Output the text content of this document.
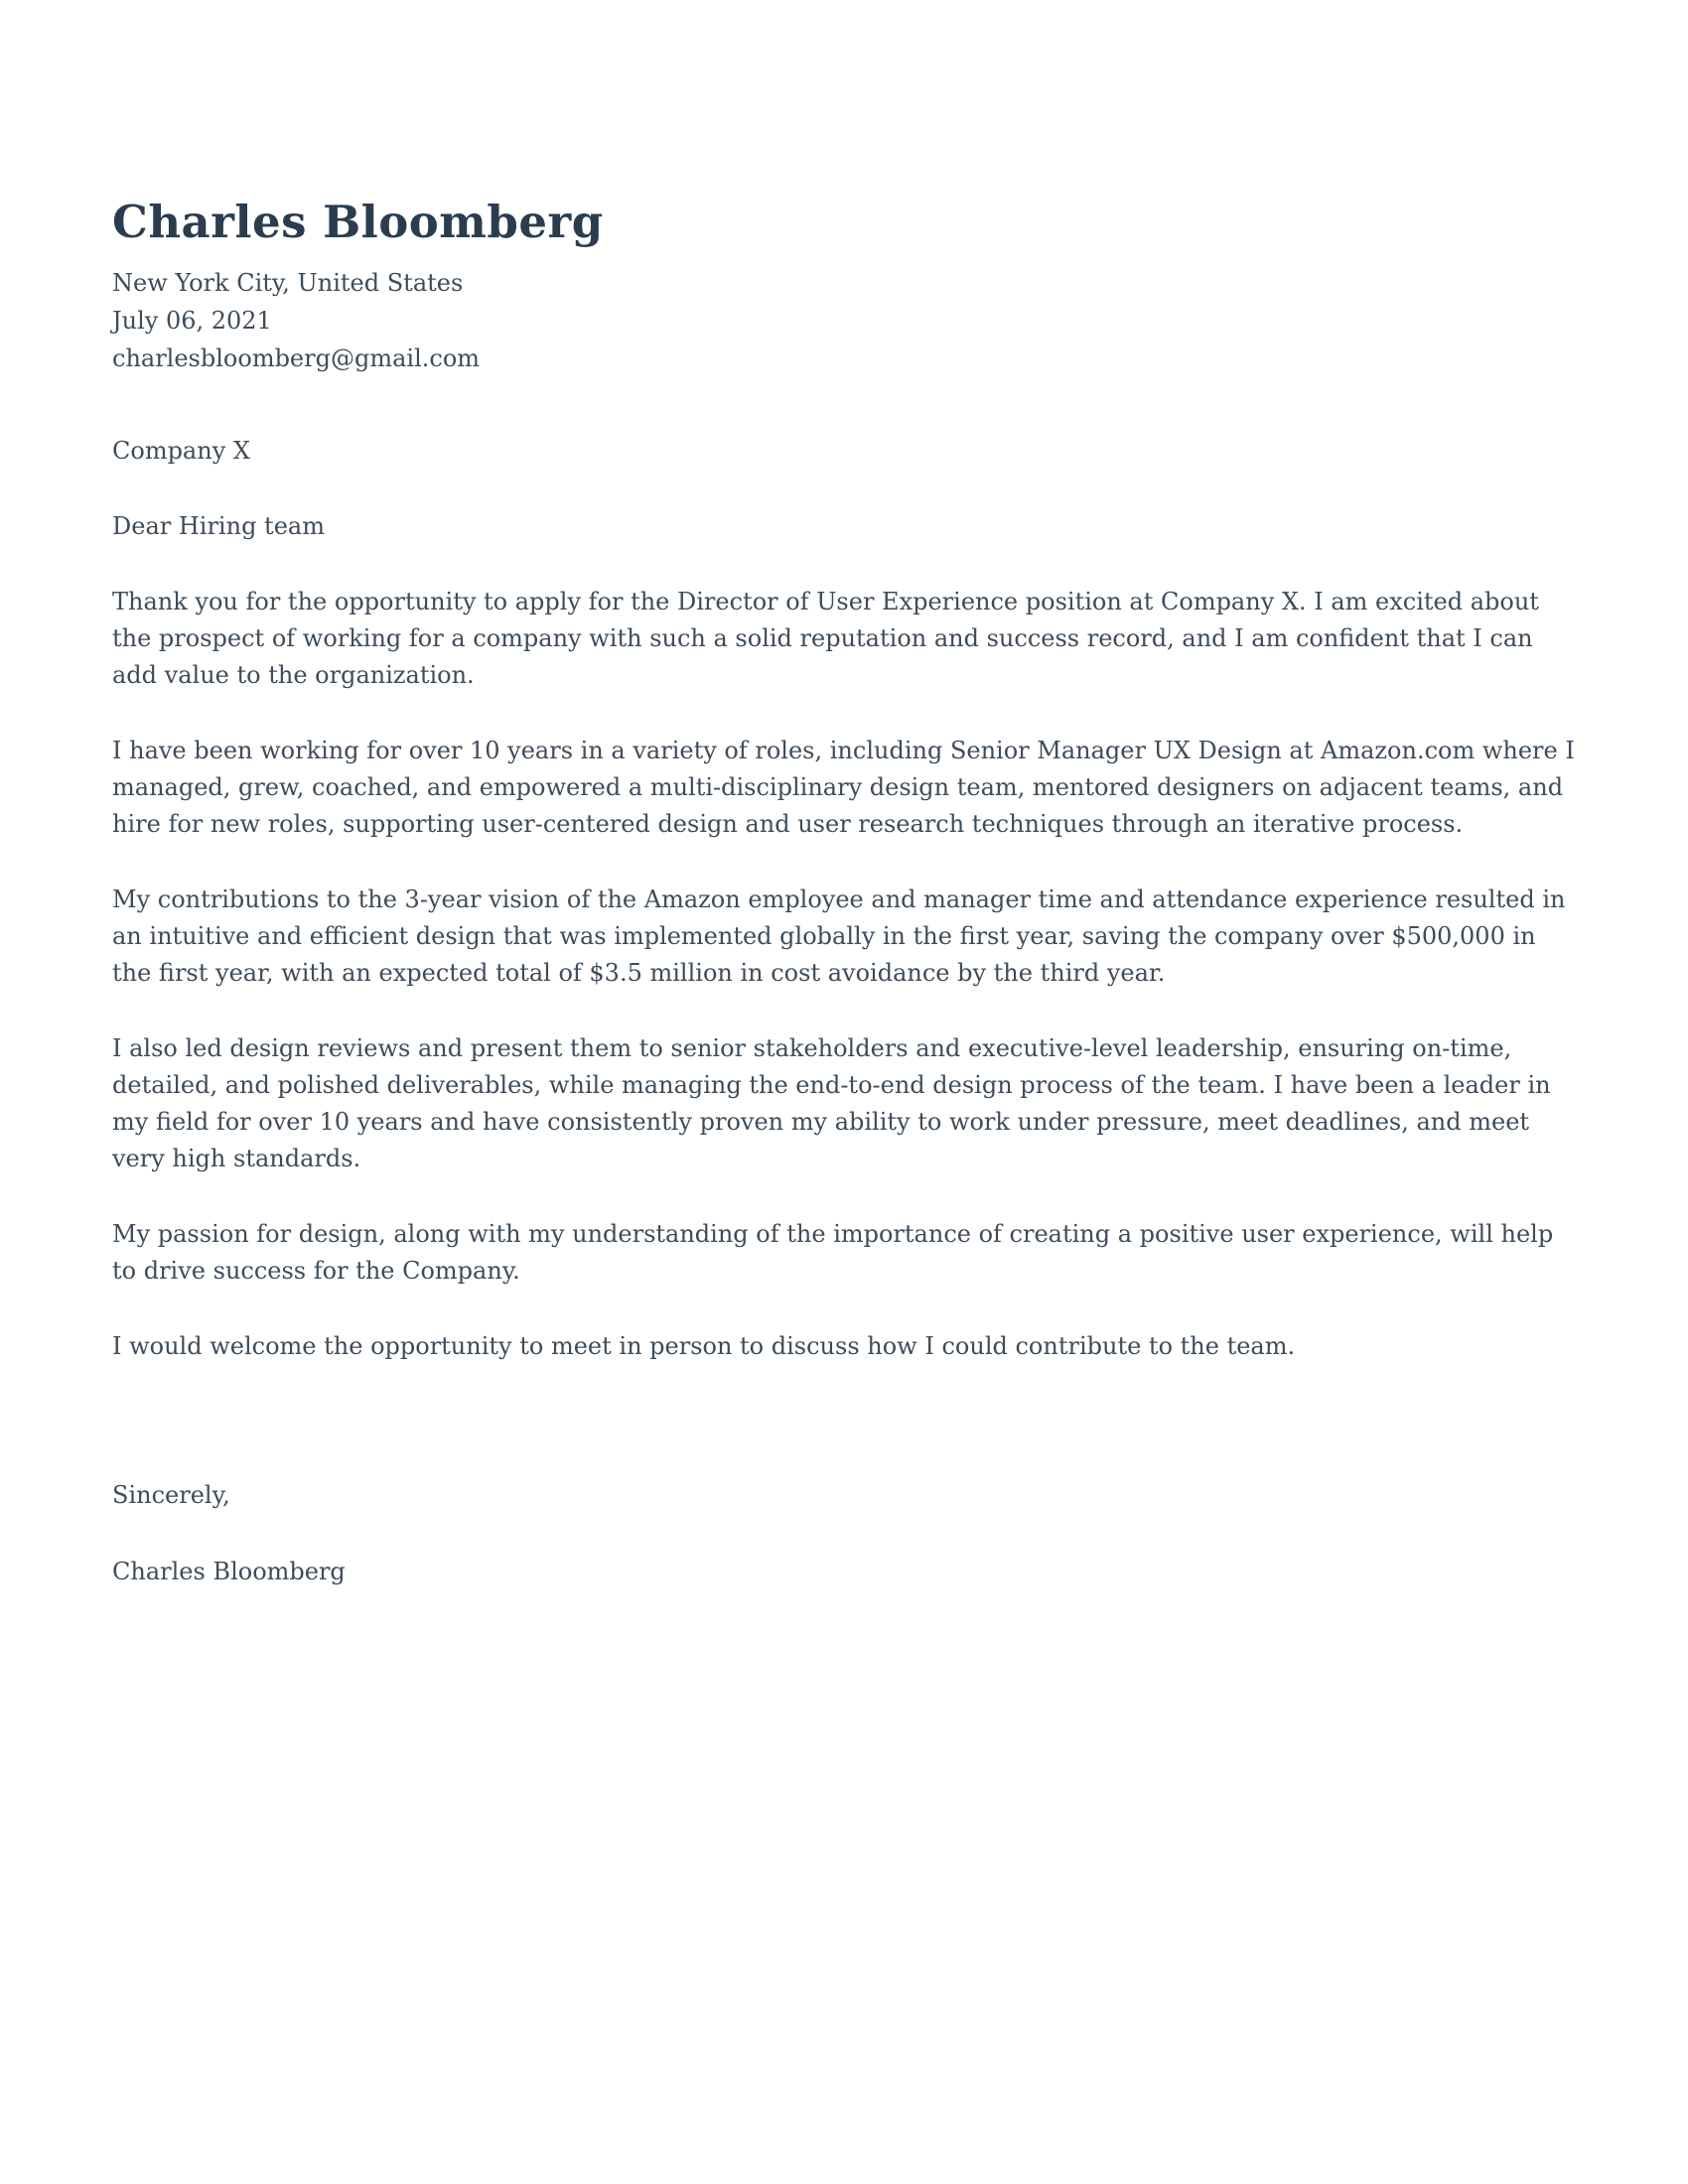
Charles Bloomberg
New York City, United States
July 06, 2021
charlesbloomberg@gmail.com
Company X
Dear Hiring team

Thank you for the opportunity to apply for the Director of User Experience position at Company X. I am excited about the prospect of working for a company with such a solid reputation and success record, and I am confident that I can add value to the organization.

I have been working for over 10 years in a variety of roles, including Senior Manager UX Design at Amazon.com where I managed, grew, coached, and empowered a multi-disciplinary design team, mentored designers on adjacent teams, and hire for new roles, supporting user-centered design and user research techniques through an iterative process.

My contributions to the 3-year vision of the Amazon employee and manager time and attendance experience resulted in an intuitive and efficient design that was implemented globally in the first year, saving the company over $500,000 in the first year, with an expected total of $3.5 million in cost avoidance by the third year.

I also led design reviews and present them to senior stakeholders and executive-level leadership, ensuring on-time, detailed, and polished deliverables, while managing the end-to-end design process of the team. I have been a leader in my field for over 10 years and have consistently proven my ability to work under pressure, meet deadlines, and meet very high standards.

My passion for design, along with my understanding of the importance of creating a positive user experience, will help to drive success for the Company.

I would welcome the opportunity to meet in person to discuss how I could contribute to the team.

Sincerely,
Charles Bloomberg
